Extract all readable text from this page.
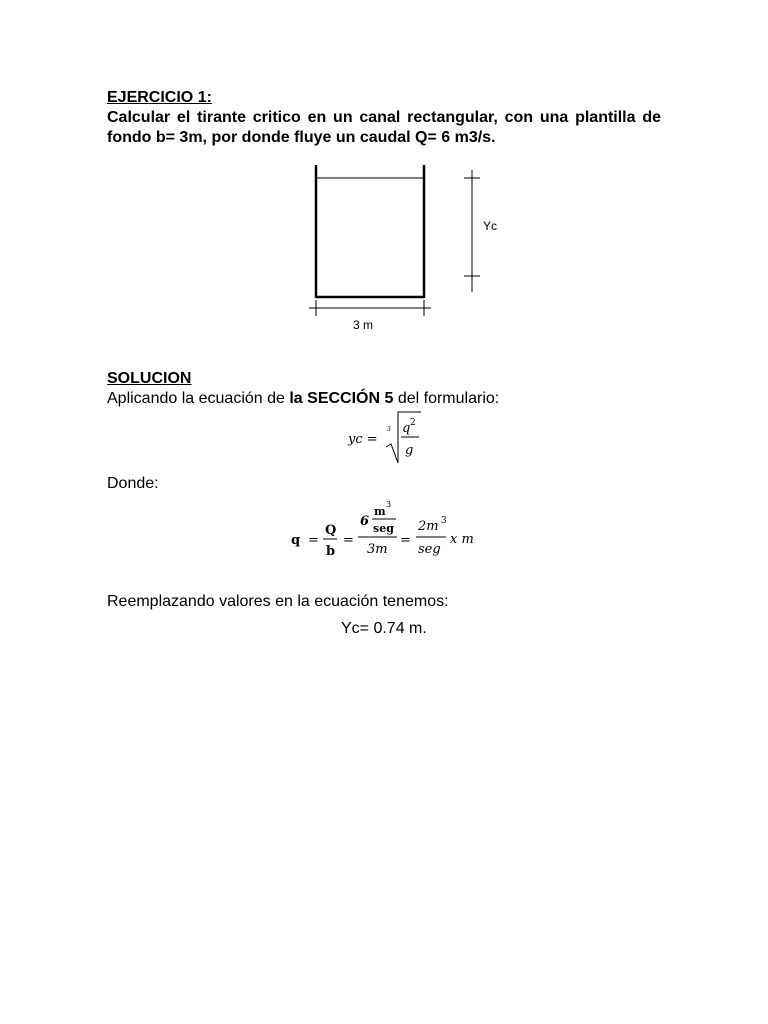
EJERCICIO 1:
Calcular el tirante critico en un canal rectangular, con una plantilla de fondo b= 3m, por donde fluye un caudal Q= 6 m3/s.
Yc
3 m
SOLUCION
Aplicando la ecuación de la SECCIÓN 5 del formulario:
yc =
3 q 2
g
Donde:
q =
Q
b
=
6
m
3
seg
3m
=
2m 3
seg
x m
Reemplazando valores en la ecuación tenemos:
Yc= 0.74 m.
